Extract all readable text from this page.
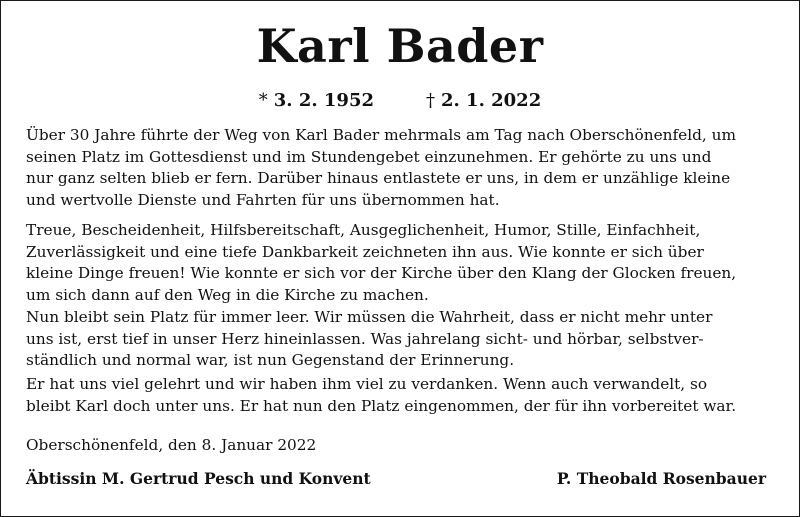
Karl Bader
* 3. 2. 1952	† 2. 1. 2022
Über 30 Jahre führte der Weg von Karl Bader mehrmals am Tag nach Oberschönenfeld, um
seinen Platz im Gottesdienst und im Stundengebet einzunehmen. Er gehörte zu uns und
nur ganz selten blieb er fern. Darüber hinaus entlastete er uns, in dem er unzählige kleine
und wertvolle Dienste und Fahrten für uns übernommen hat.
Treue, Bescheidenheit, Hilfsbereitschaft, Ausgeglichenheit, Humor, Stille, Einfachheit,
Zuverlässigkeit und eine tiefe Dankbarkeit zeichneten ihn aus. Wie konnte er sich über
kleine Dinge freuen! Wie konnte er sich vor der Kirche über den Klang der Glocken freuen,
um sich dann auf den Weg in die Kirche zu machen.
Nun bleibt sein Platz für immer leer. Wir müssen die Wahrheit, dass er nicht mehr unter
uns ist, erst tief in unser Herz hineinlassen. Was jahrelang sicht- und hörbar, selbstver-
ständlich und normal war, ist nun Gegenstand der Erinnerung.
Er hat uns viel gelehrt und wir haben ihm viel zu verdanken. Wenn auch verwandelt, so
bleibt Karl doch unter uns. Er hat nun den Platz eingenommen, der für ihn vorbereitet war.
Oberschönenfeld, den 8. Januar 2022
Äbtissin M. Gertrud Pesch und Konvent	P. Theobald Rosenbauer
